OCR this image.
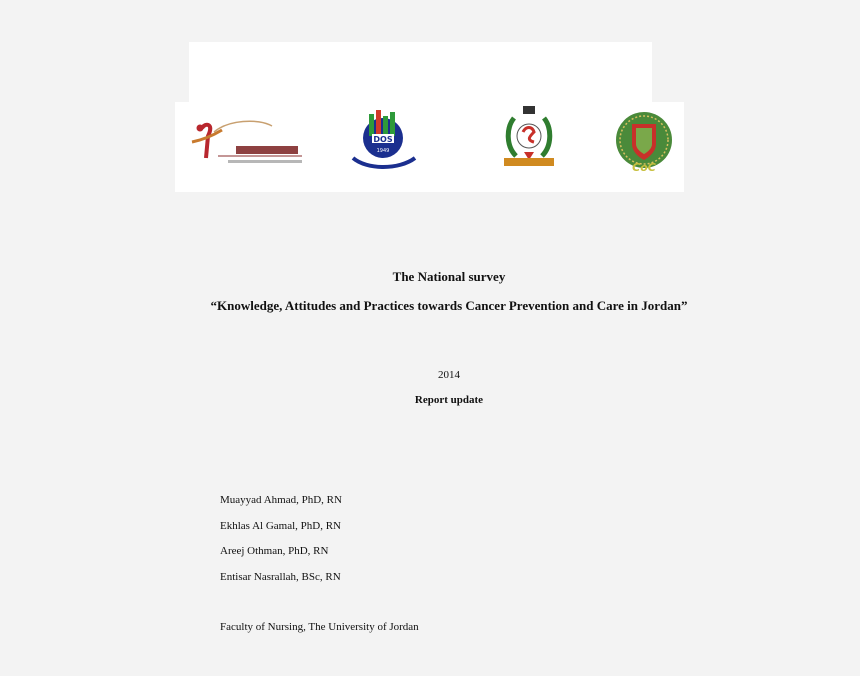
DOS
1949
CoC
The National survey
“Knowledge, Attitudes and Practices towards Cancer Prevention and Care in Jordan”
2014
Report update
Muayyad Ahmad, PhD, RN
Ekhlas Al Gamal, PhD, RN
Areej Othman, PhD, RN
Entisar Nasrallah, BSc, RN
Faculty of Nursing, The University of Jordan
